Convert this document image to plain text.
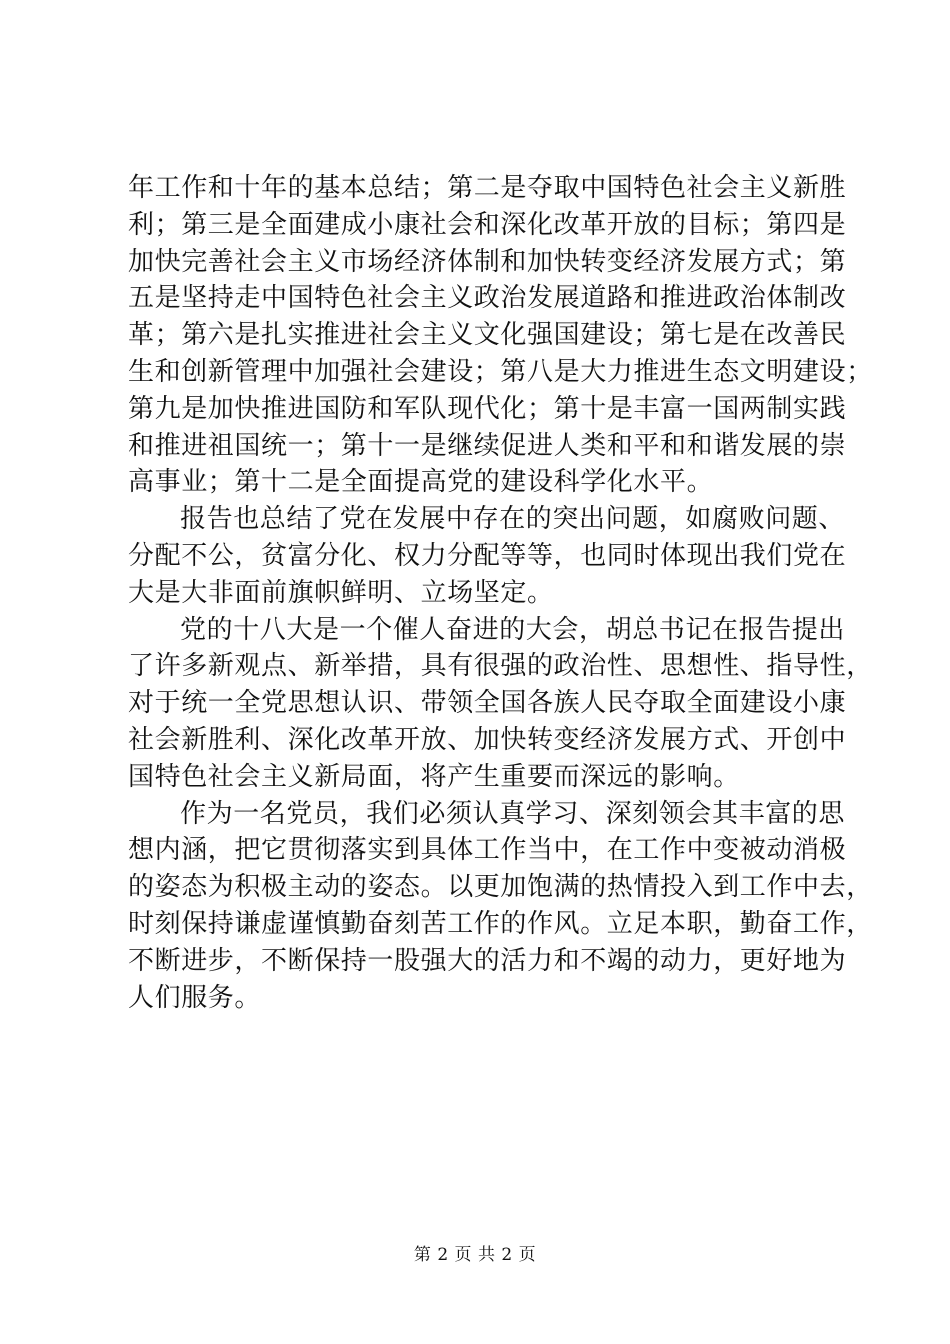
年工作和十年的基本总结；第二是夺取中国特色社会主义新胜
利；第三是全面建成小康社会和深化改革开放的目标；第四是
加快完善社会主义市场经济体制和加快转变经济发展方式；第
五是坚持走中国特色社会主义政治发展道路和推进政治体制改
革；第六是扎实推进社会主义文化强国建设；第七是在改善民
生和创新管理中加强社会建设；第八是大力推进生态文明建设；
第九是加快推进国防和军队现代化；第十是丰富一国两制实践
和推进祖国统一；第十一是继续促进人类和平和和谐发展的崇
高事业；第十二是全面提高党的建设科学化水平。
报告也总结了党在发展中存在的突出问题，如腐败问题、
分配不公，贫富分化、权力分配等等，也同时体现出我们党在
大是大非面前旗帜鲜明、立场坚定。
党的十八大是一个催人奋进的大会，胡总书记在报告提出
了许多新观点、新举措，具有很强的政治性、思想性、指导性，
对于统一全党思想认识、带领全国各族人民夺取全面建设小康
社会新胜利、深化改革开放、加快转变经济发展方式、开创中
国特色社会主义新局面，将产生重要而深远的影响。
作为一名党员，我们必须认真学习、深刻领会其丰富的思
想内涵，把它贯彻落实到具体工作当中，在工作中变被动消极
的姿态为积极主动的姿态。以更加饱满的热情投入到工作中去，
时刻保持谦虚谨慎勤奋刻苦工作的作风。立足本职，勤奋工作，
不断进步，不断保持一股强大的活力和不竭的动力，更好地为
人们服务。
第 2 页 共 2 页
